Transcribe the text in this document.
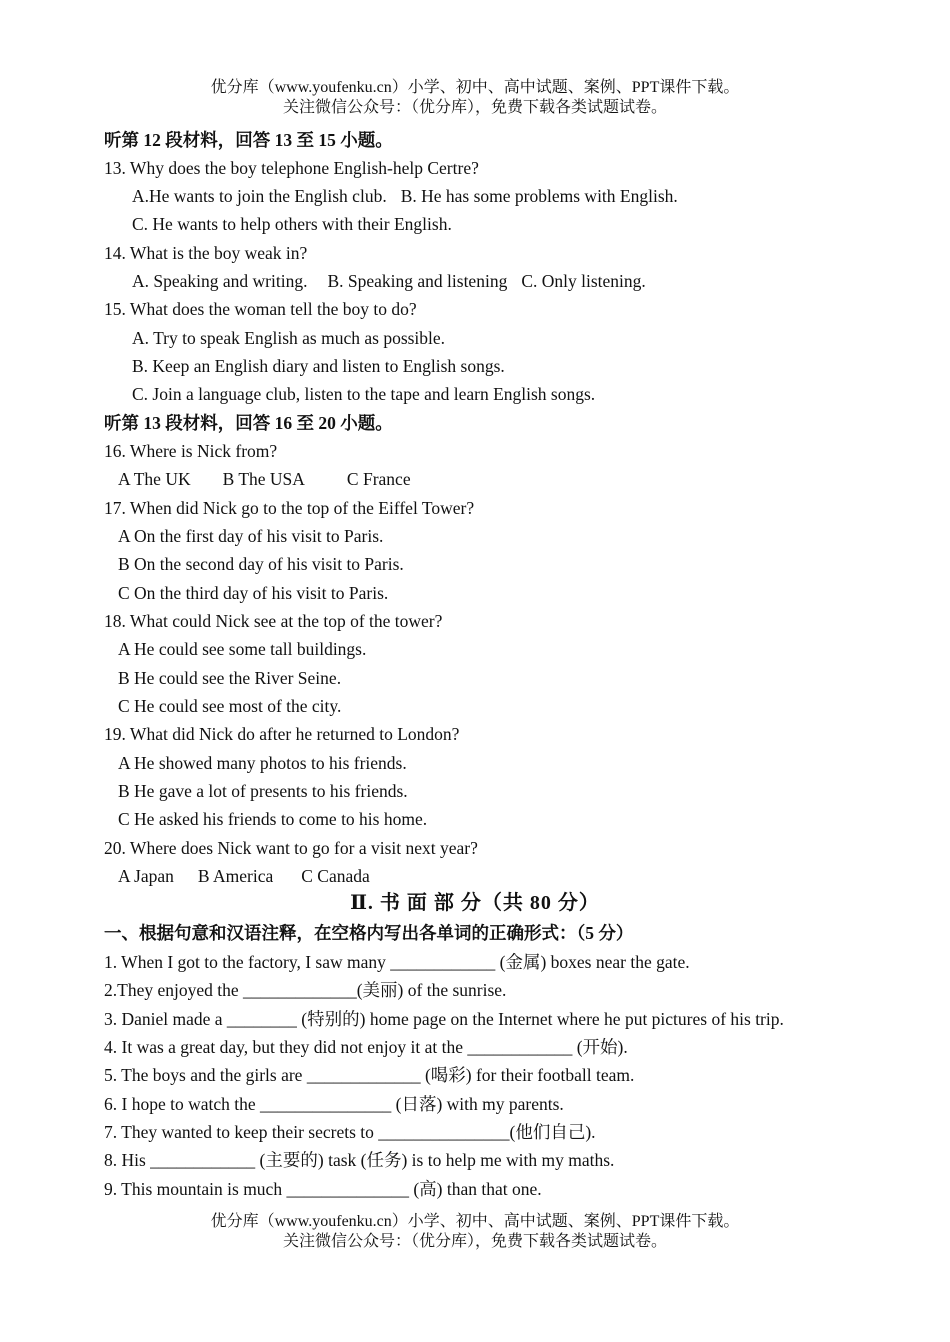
优分库（www.youfenku.cn）小学、初中、高中试题、案例、PPT课件下载。
关注微信公众号：（优分库），免费下载各类试题试卷。
听第 12 段材料，回答 13 至 15 小题。
13. Why does the boy telephone English-help Certre?
A.He wants to join the English club. B. He has some problems with English.
C. He wants to help others with their English.
14. What is the boy weak in?
A. Speaking and writing. B. Speaking and listening C. Only listening.
15. What does the woman tell the boy to do?
A. Try to speak English as much as possible.
B. Keep an English diary and listen to English songs.
C. Join a language club, listen to the tape and learn English songs.
听第 13 段材料，回答 16 至 20 小题。
16. Where is Nick from?
A The UK B The USA C France
17. When did Nick go to the top of the Eiffel Tower?
A On the first day of his visit to Paris.
B On the second day of his visit to Paris.
C On the third day of his visit to Paris.
18. What could Nick see at the top of the tower?
A He could see some tall buildings.
B He could see the River Seine.
C He could see most of the city.
19. What did Nick do after he returned to London?
A He showed many photos to his friends.
B He gave a lot of presents to his friends.
C He asked his friends to come to his home.
20. Where does Nick want to go for a visit next year?
A Japan B America C Canada
Ⅱ. 书 面 部 分（共 80 分）
一、根据句意和汉语注释，在空格内写出各单词的正确形式：（5 分）
1. When I got to the factory, I saw many ____________ (金属) boxes near the gate.
2.They enjoyed the _____________(美丽) of the sunrise.
3. Daniel made a ________ (特别的) home page on the Internet where he put pictures of his trip.
4. It was a great day, but they did not enjoy it at the ____________ (开始).
5. The boys and the girls are _____________ (喝彩) for their football team.
6. I hope to watch the _______________ (日落) with my parents.
7. They wanted to keep their secrets to _______________(他们自己).
8. His ____________ (主要的) task (任务) is to help me with my maths.
9. This mountain is much ______________ (高) than that one.
优分库（www.youfenku.cn）小学、初中、高中试题、案例、PPT课件下载。
关注微信公众号：（优分库），免费下载各类试题试卷。
